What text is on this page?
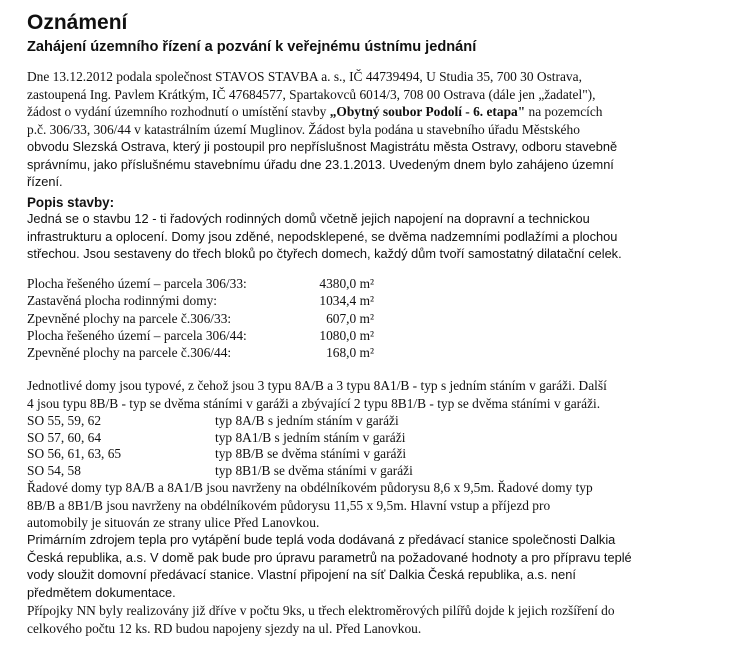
Oznámení
Zahájení územního řízení a pozvání k veřejnému ústnímu jednání
Dne 13.12.2012 podala společnost STAVOS STAVBA a. s., IČ 44739494, U Studia 35, 700 30 Ostrava,
zastoupená Ing. Pavlem Krátkým, IČ 47684577, Spartakovců 6014/3, 708 00 Ostrava (dále jen „žadatel"),
žádost o vydání územního rozhodnutí o umístění stavby „Obytný soubor Podolí - 6. etapa" na pozemcích
p.č. 306/33, 306/44 v katastrálním území Muglinov. Žádost byla podána u stavebního úřadu Městského
obvodu Slezská Ostrava, který ji postoupil pro nepříslušnost Magistrátu města Ostravy, odboru stavebně
správnímu, jako příslušnému stavebnímu úřadu dne 23.1.2013. Uvedeným dnem bylo zahájeno územní
řízení.
Popis stavby:
Jedná se o stavbu 12 - ti řadových rodinných domů včetně jejich napojení na dopravní a technickou
infrastrukturu a oplocení. Domy jsou zděné, nepodsklepené, se dvěma nadzemními podlažími a plochou
střechou. Jsou sestaveny do třech bloků po čtyřech domech, každý dům tvoří samostatný dilatační celek.
Plocha řešeného území – parcela 306/33:	4380,0 m²
Zastavěná plocha rodinnými domy:	1034,4 m²
Zpevněné plochy na parcele č.306/33:	607,0 m²
Plocha řešeného území – parcela 306/44:	1080,0 m²
Zpevněné plochy na parcele č.306/44:	168,0 m²
Jednotlivé domy jsou typové, z čehož jsou 3 typu 8A/B a 3 typu 8A1/B - typ s jedním stáním v garáži. Další
4 jsou typu 8B/B - typ se dvěma stáními v garáži a zbývající 2 typu 8B1/B - typ se dvěma stáními v garáži.
SO 55, 59, 62	typ 8A/B s jedním stáním v garáži
SO 57, 60, 64	typ 8A1/B s jedním stáním v garáži
SO 56, 61, 63, 65	typ 8B/B se dvěma stáními v garáži
SO 54, 58	typ 8B1/B se dvěma stáními v garáži
Řadové domy typ 8A/B a 8A1/B jsou navrženy na obdélníkovém půdorysu 8,6 x 9,5m. Řadové domy typ
8B/B a 8B1/B jsou navrženy na obdélníkovém půdorysu 11,55 x 9,5m. Hlavní vstup a příjezd pro
automobily je situován ze strany ulice Před Lanovkou.
Primárním zdrojem tepla pro vytápění bude teplá voda dodávaná z předávací stanice společnosti Dalkia
Česká republika, a.s. V domě pak bude pro úpravu parametrů na požadované hodnoty a pro přípravu teplé
vody sloužit domovní předávací stanice. Vlastní připojení na síť Dalkia Česká republika, a.s. není
předmětem dokumentace.
Přípojky NN byly realizovány již dříve v počtu 9ks, u třech elektroměrových pilířů dojde k jejich rozšíření do
celkového počtu 12 ks. RD budou napojeny sjezdy na ul. Před Lanovkou.
